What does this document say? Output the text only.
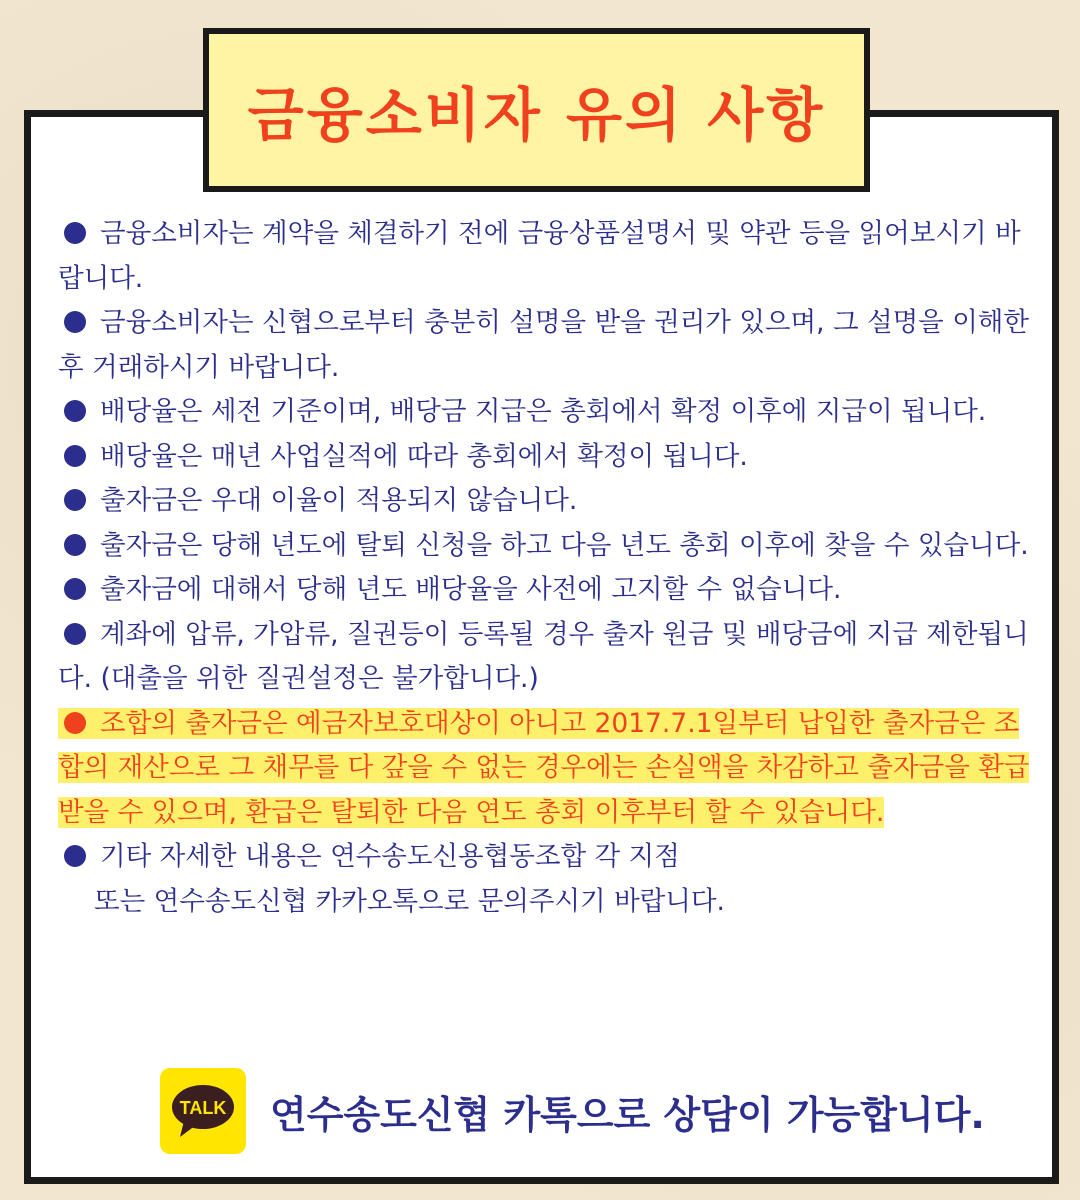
금융소비자 유의 사항

금융소비자는 계약을 체결하기 전에 금융상품설명서 및 약관 등을 읽어보시기 바랍니다.

금융소비자는 신협으로부터 충분히 설명을 받을 권리가 있으며, 그 설명을 이해한 후 거래하시기 바랍니다.

배당율은 세전 기준이며, 배당금 지급은 총회에서 확정 이후에 지급이 됩니다.

배당율은 매년 사업실적에 따라 총회에서 확정이 됩니다.

출자금은 우대 이율이 적용되지 않습니다.

출자금은 당해 년도에 탈퇴 신청을 하고 다음 년도 총회 이후에 찾을 수 있습니다.

출자금에 대해서 당해 년도 배당율을 사전에 고지할 수 없습니다.

계좌에 압류, 가압류, 질권등이 등록될 경우 출자 원금 및 배당금에 지급 제한됩니다. (대출을 위한 질권설정은 불가합니다.)

조합의 출자금은 예금자보호대상이 아니고 2017.7.1일부터 납입한 출자금은 조합의 재산으로 그 채무를 다 갚을 수 없는 경우에는 손실액을 차감하고 출자금을 환급받을 수 있으며, 환급은 탈퇴한 다음 연도 총회 이후부터 할 수 있습니다.

기타 자세한 내용은 연수송도신용협동조합 각 지점
또는 연수송도신협 카카오톡으로 문의주시기 바랍니다.

TALK 연수송도신협 카톡으로 상담이 가능합니다.
